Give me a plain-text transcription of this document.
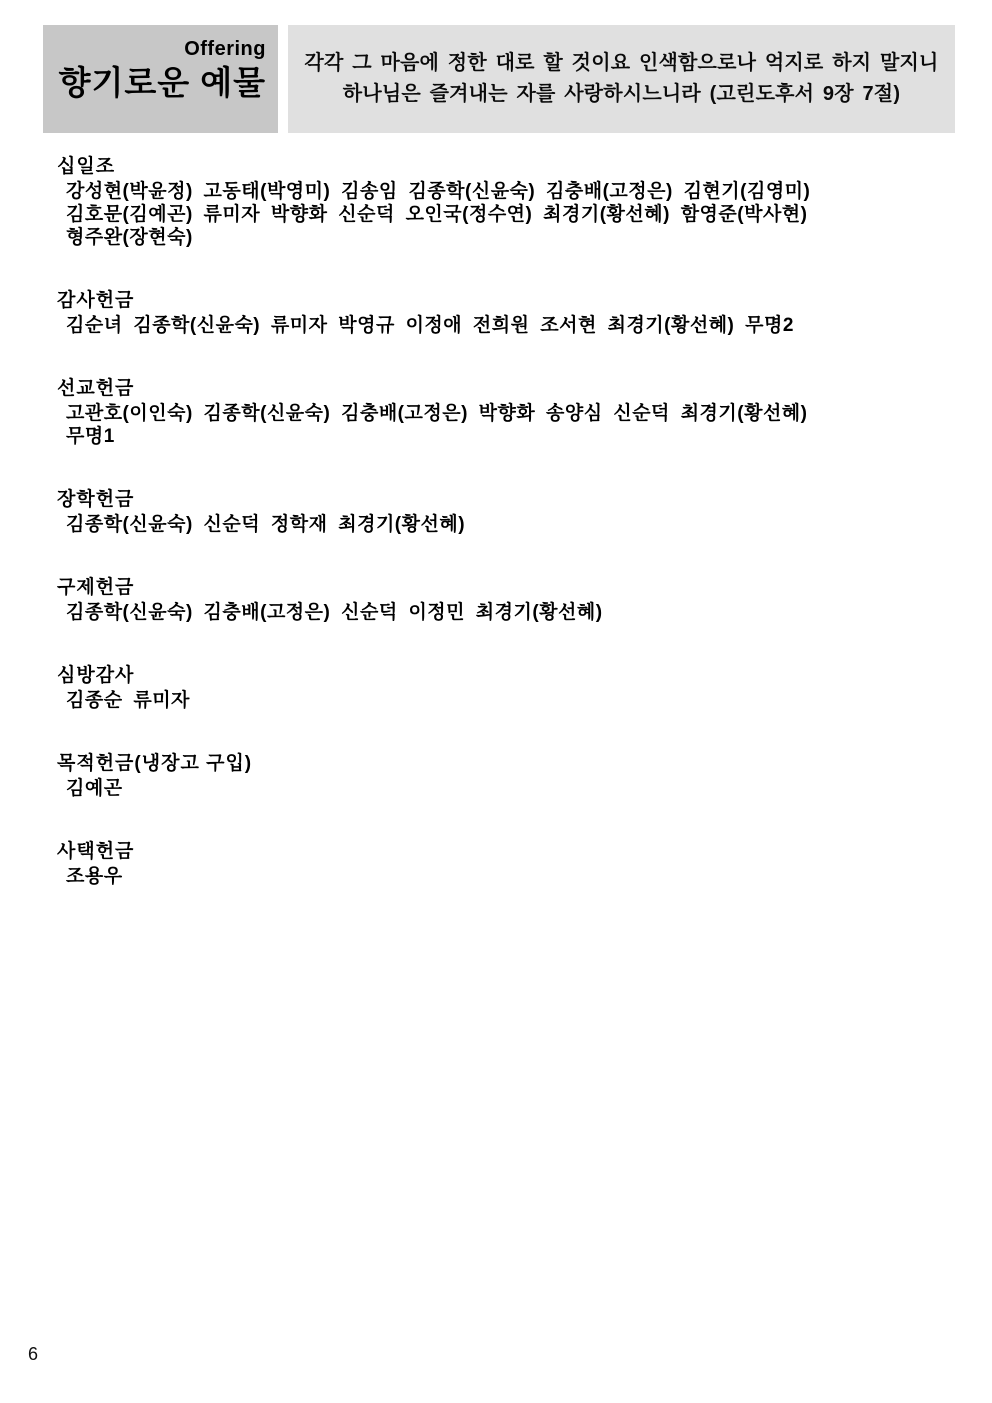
Offering
향기로운 예물
각각 그 마음에 정한 대로 할 것이요 인색함으로나 억지로 하지 말지니
하나님은 즐겨내는 자를 사랑하시느니라 (고린도후서 9장 7절)
십일조
강성현(박윤정) 고동태(박영미) 김송임 김종학(신윤숙) 김충배(고정은) 김현기(김영미)
김호문(김예곤) 류미자 박향화 신순덕 오인국(정수연) 최경기(황선혜) 함영준(박사현)
형주완(장현숙)
감사헌금
김순녀 김종학(신윤숙) 류미자 박영규 이정애 전희원 조서현 최경기(황선혜) 무명2
선교헌금
고관호(이인숙) 김종학(신윤숙) 김충배(고정은) 박향화 송양심 신순덕 최경기(황선혜)
무명1
장학헌금
김종학(신윤숙) 신순덕 정학재 최경기(황선혜)
구제헌금
김종학(신윤숙) 김충배(고정은) 신순덕 이정민 최경기(황선혜)
심방감사
김종순 류미자
목적헌금(냉장고 구입)
김예곤
사택헌금
조용우
6
